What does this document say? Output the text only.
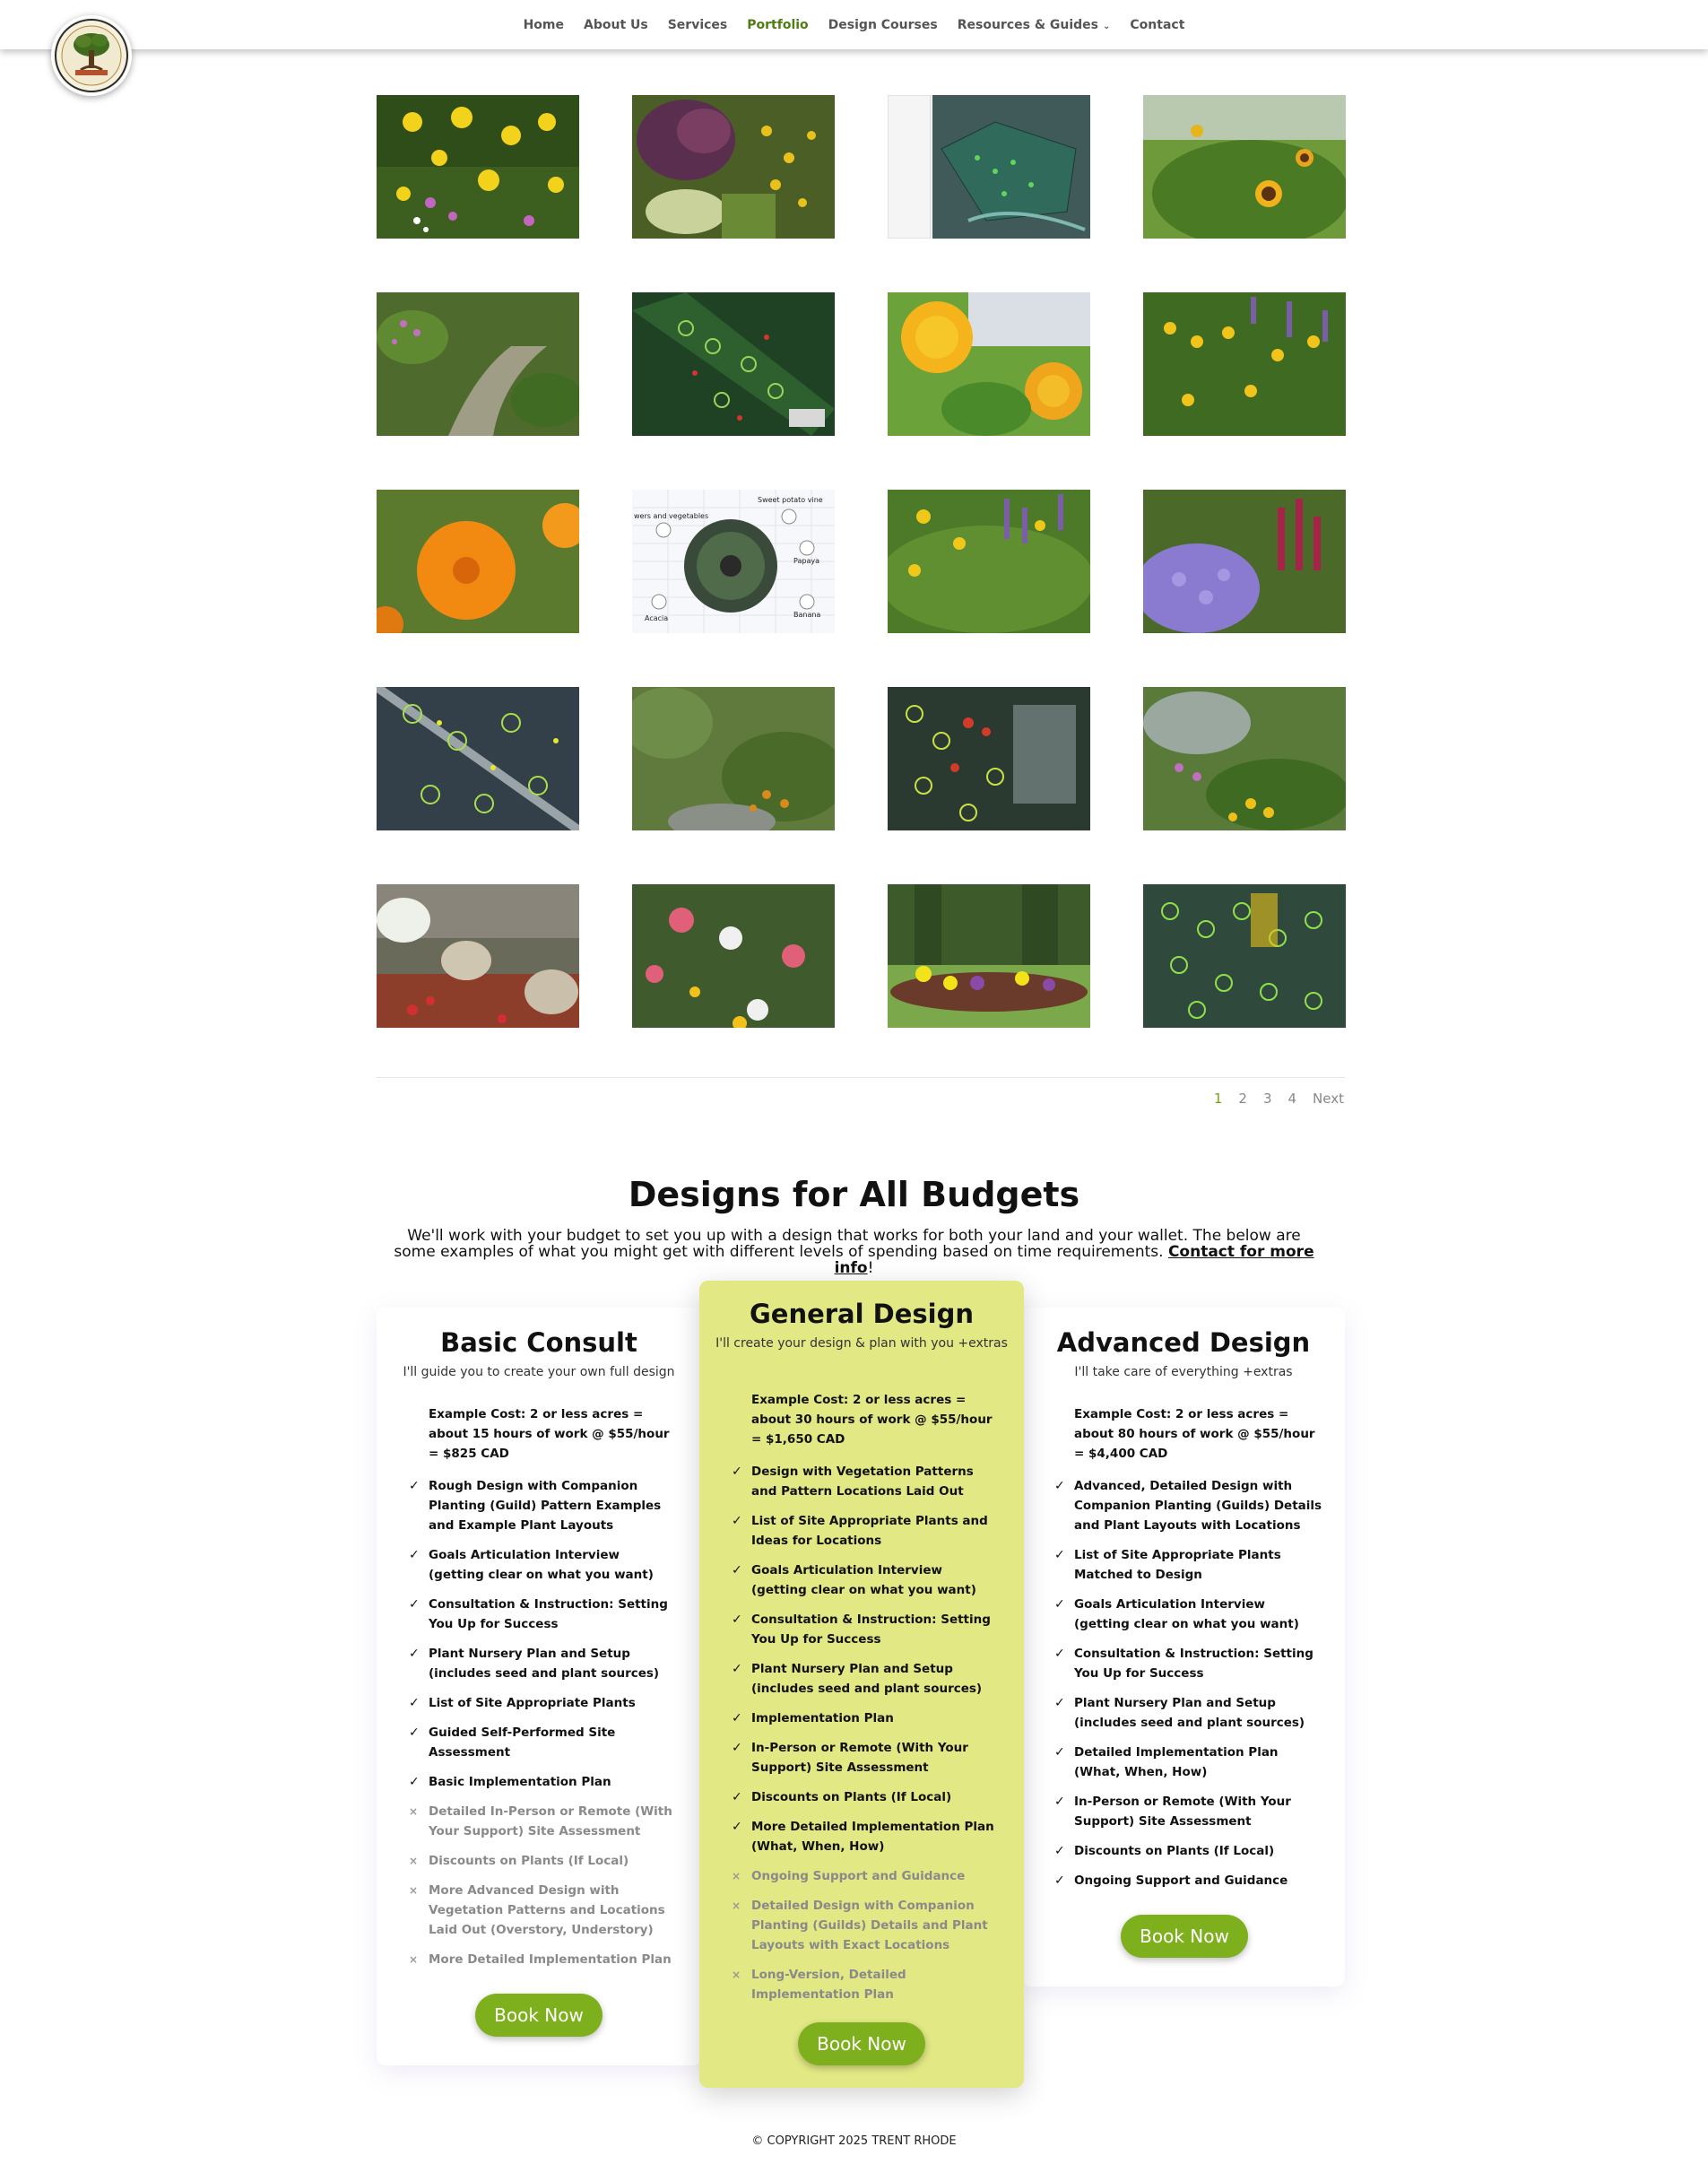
Home About Us Services Portfolio Design Courses Resources & Guides ⌄ Contact
wers and vegetables
Sweet potato vine
Papaya
Acacia	Banana
1 2 3 4 Next
Designs for All Budgets
We'll work with your budget to set you up with a design that works for both your land and your wallet. The below are some examples of what you might get with different levels of spending based on time requirements. Contact for more info!
Basic Consult
I'll guide you to create your own full design
Example Cost: 2 or less acres = about 15 hours of work @ $55/hour = $825 CAD
✓ Rough Design with Companion Planting (Guild) Pattern Examples and Example Plant Layouts
✓ Goals Articulation Interview (getting clear on what you want)
✓ Consultation & Instruction: Setting You Up for Success
✓ Plant Nursery Plan and Setup (includes seed and plant sources)
✓ List of Site Appropriate Plants
✓ Guided Self-Performed Site Assessment
✓ Basic Implementation Plan
× Detailed In-Person or Remote (With Your Support) Site Assessment
× Discounts on Plants (If Local)
× More Advanced Design with Vegetation Patterns and Locations Laid Out (Overstory, Understory)
× More Detailed Implementation Plan
Book Now
Advanced Design
I'll take care of everything +extras
Example Cost: 2 or less acres = about 80 hours of work @ $55/hour = $4,400 CAD
✓ Advanced, Detailed Design with Companion Planting (Guilds) Details and Plant Layouts with Locations
✓ List of Site Appropriate Plants Matched to Design
✓ Goals Articulation Interview (getting clear on what you want)
✓ Consultation & Instruction: Setting You Up for Success
✓ Plant Nursery Plan and Setup (includes seed and plant sources)
✓ Detailed Implementation Plan (What, When, How)
✓ In-Person or Remote (With Your Support) Site Assessment
✓ Discounts on Plants (If Local)
✓ Ongoing Support and Guidance
Book Now
General Design
I'll create your design & plan with you +extras
Example Cost: 2 or less acres = about 30 hours of work @ $55/hour = $1,650 CAD
✓ Design with Vegetation Patterns and Pattern Locations Laid Out
✓ List of Site Appropriate Plants and Ideas for Locations
✓ Goals Articulation Interview (getting clear on what you want)
✓ Consultation & Instruction: Setting You Up for Success
✓ Plant Nursery Plan and Setup (includes seed and plant sources)
✓ Implementation Plan
✓ In-Person or Remote (With Your Support) Site Assessment
✓ Discounts on Plants (If Local)
✓ More Detailed Implementation Plan (What, When, How)
× Ongoing Support and Guidance
× Detailed Design with Companion Planting (Guilds) Details and Plant Layouts with Exact Locations
× Long-Version, Detailed Implementation Plan
Book Now
© COPYRIGHT 2025 TRENT RHODE
